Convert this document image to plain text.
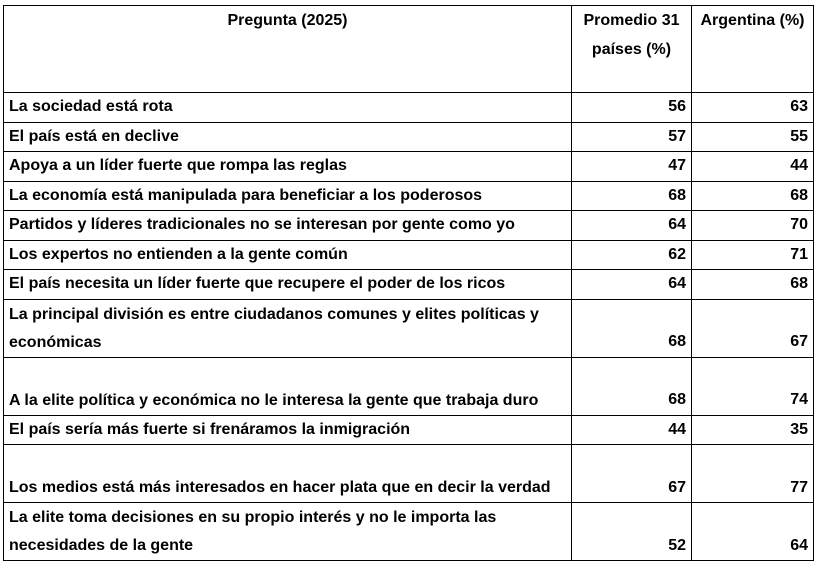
Pregunta (2025)	Promedio 31 países (%)	Argentina (%)
La sociedad está rota	56	63
El país está en declive	57	55
Apoya a un líder fuerte que rompa las reglas	47	44
La economía está manipulada para beneficiar a los poderosos	68	68
Partidos y líderes tradicionales no se interesan por gente como yo	64	70
Los expertos no entienden a la gente común	62	71
El país necesita un líder fuerte que recupere el poder de los ricos	64	68
La principal división es entre ciudadanos comunes y elites políticas y económicas	68	67
A la elite política y económica no le interesa la gente que trabaja duro	68	74
El país sería más fuerte si frenáramos la inmigración	44	35
Los medios está más interesados en hacer plata que en decir la verdad	67	77
La elite toma decisiones en su propio interés y no le importa las necesidades de la gente	52	64
